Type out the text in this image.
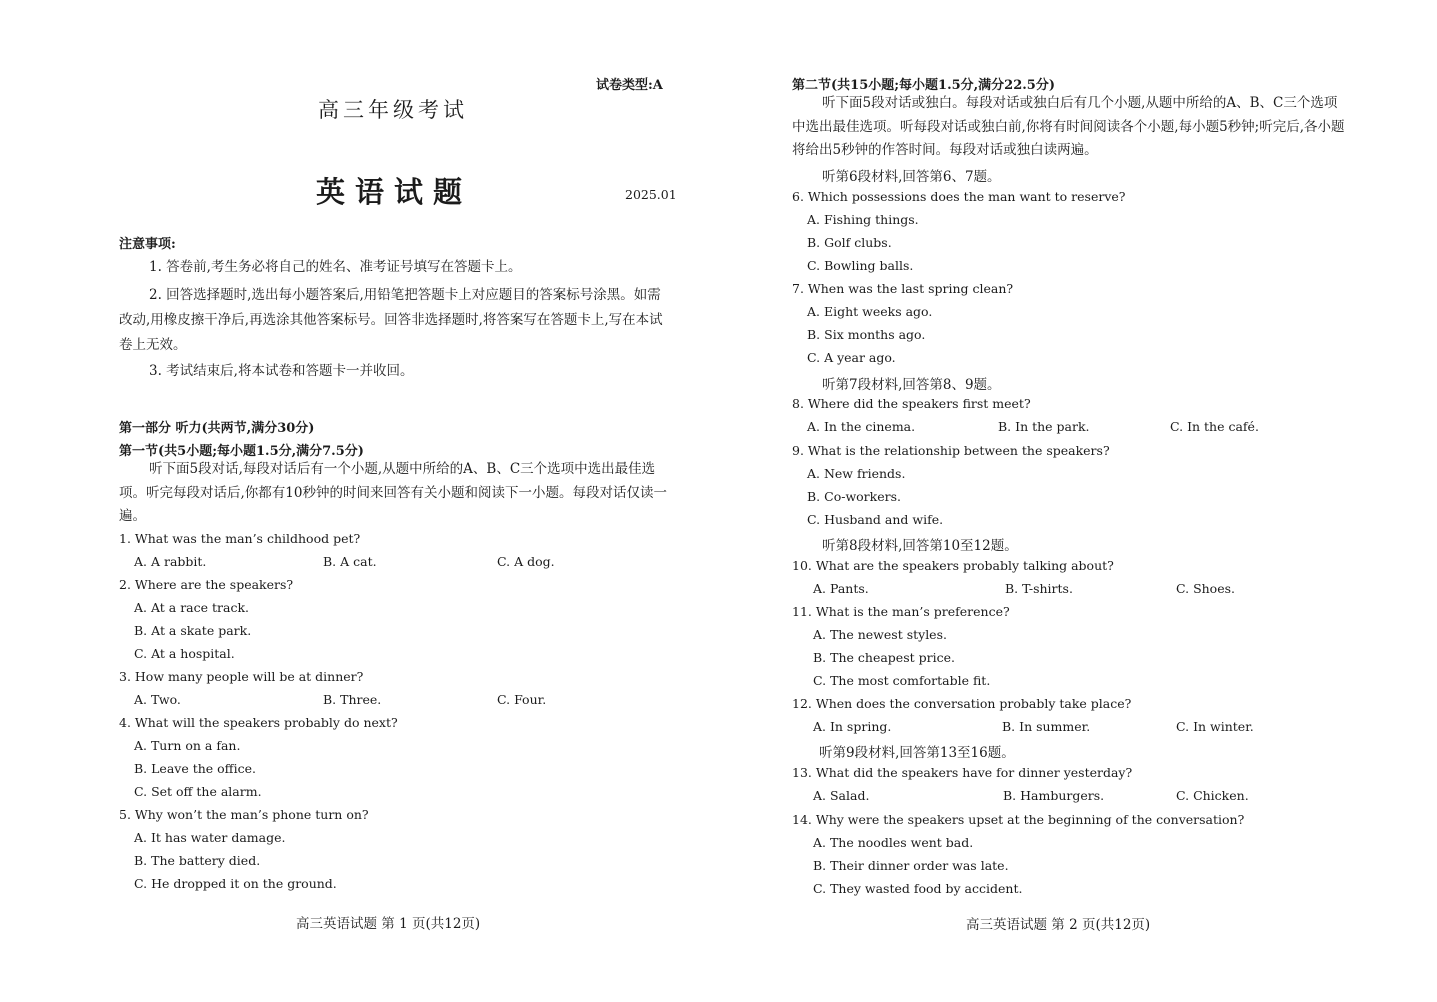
试卷类型:A
高三年级考试
英语试题	2025.01
注意事项:
1. 答卷前,考生务必将自己的姓名、准考证号填写在答题卡上。
2. 回答选择题时,选出每小题答案后,用铅笔把答题卡上对应题目的答案标号涂黑。如需改动,用橡皮擦干净后,再选涂其他答案标号。回答非选择题时,将答案写在答题卡上,写在本试卷上无效。
3. 考试结束后,将本试卷和答题卡一并收回。
第一部分 听力(共两节,满分30分)
第一节(共5小题;每小题1.5分,满分7.5分)
听下面5段对话,每段对话后有一个小题,从题中所给的A、B、C三个选项中选出最佳选项。听完每段对话后,你都有10秒钟的时间来回答有关小题和阅读下一小题。每段对话仅读一遍。
1. What was the man’s childhood pet?
A. A rabbit.	B. A cat.	C. A dog.
2. Where are the speakers?
A. At a race track.
B. At a skate park.
C. At a hospital.
3. How many people will be at dinner?
A. Two.	B. Three.	C. Four.
4. What will the speakers probably do next?
A. Turn on a fan.
B. Leave the office.
C. Set off the alarm.
5. Why won’t the man’s phone turn on?
A. It has water damage.
B. The battery died.
C. He dropped it on the ground.
高三英语试题 第 1 页(共12页)
第二节(共15小题;每小题1.5分,满分22.5分)
听下面5段对话或独白。每段对话或独白后有几个小题,从题中所给的A、B、C三个选项中选出最佳选项。听每段对话或独白前,你将有时间阅读各个小题,每小题5秒钟;听完后,各小题将给出5秒钟的作答时间。每段对话或独白读两遍。
听第6段材料,回答第6、7题。
6. Which possessions does the man want to reserve?
A. Fishing things.
B. Golf clubs.
C. Bowling balls.
7. When was the last spring clean?
A. Eight weeks ago.
B. Six months ago.
C. A year ago.
听第7段材料,回答第8、9题。
8. Where did the speakers first meet?
A. In the cinema.	B. In the park.	C. In the café.
9. What is the relationship between the speakers?
A. New friends.
B. Co-workers.
C. Husband and wife.
听第8段材料,回答第10至12题。
10. What are the speakers probably talking about?
A. Pants.	B. T-shirts.	C. Shoes.
11. What is the man’s preference?
A. The newest styles.
B. The cheapest price.
C. The most comfortable fit.
12. When does the conversation probably take place?
A. In spring.	B. In summer.	C. In winter.
听第9段材料,回答第13至16题。
13. What did the speakers have for dinner yesterday?
A. Salad.	B. Hamburgers.	C. Chicken.
14. Why were the speakers upset at the beginning of the conversation?
A. The noodles went bad.
B. Their dinner order was late.
C. They wasted food by accident.
高三英语试题 第 2 页(共12页)
